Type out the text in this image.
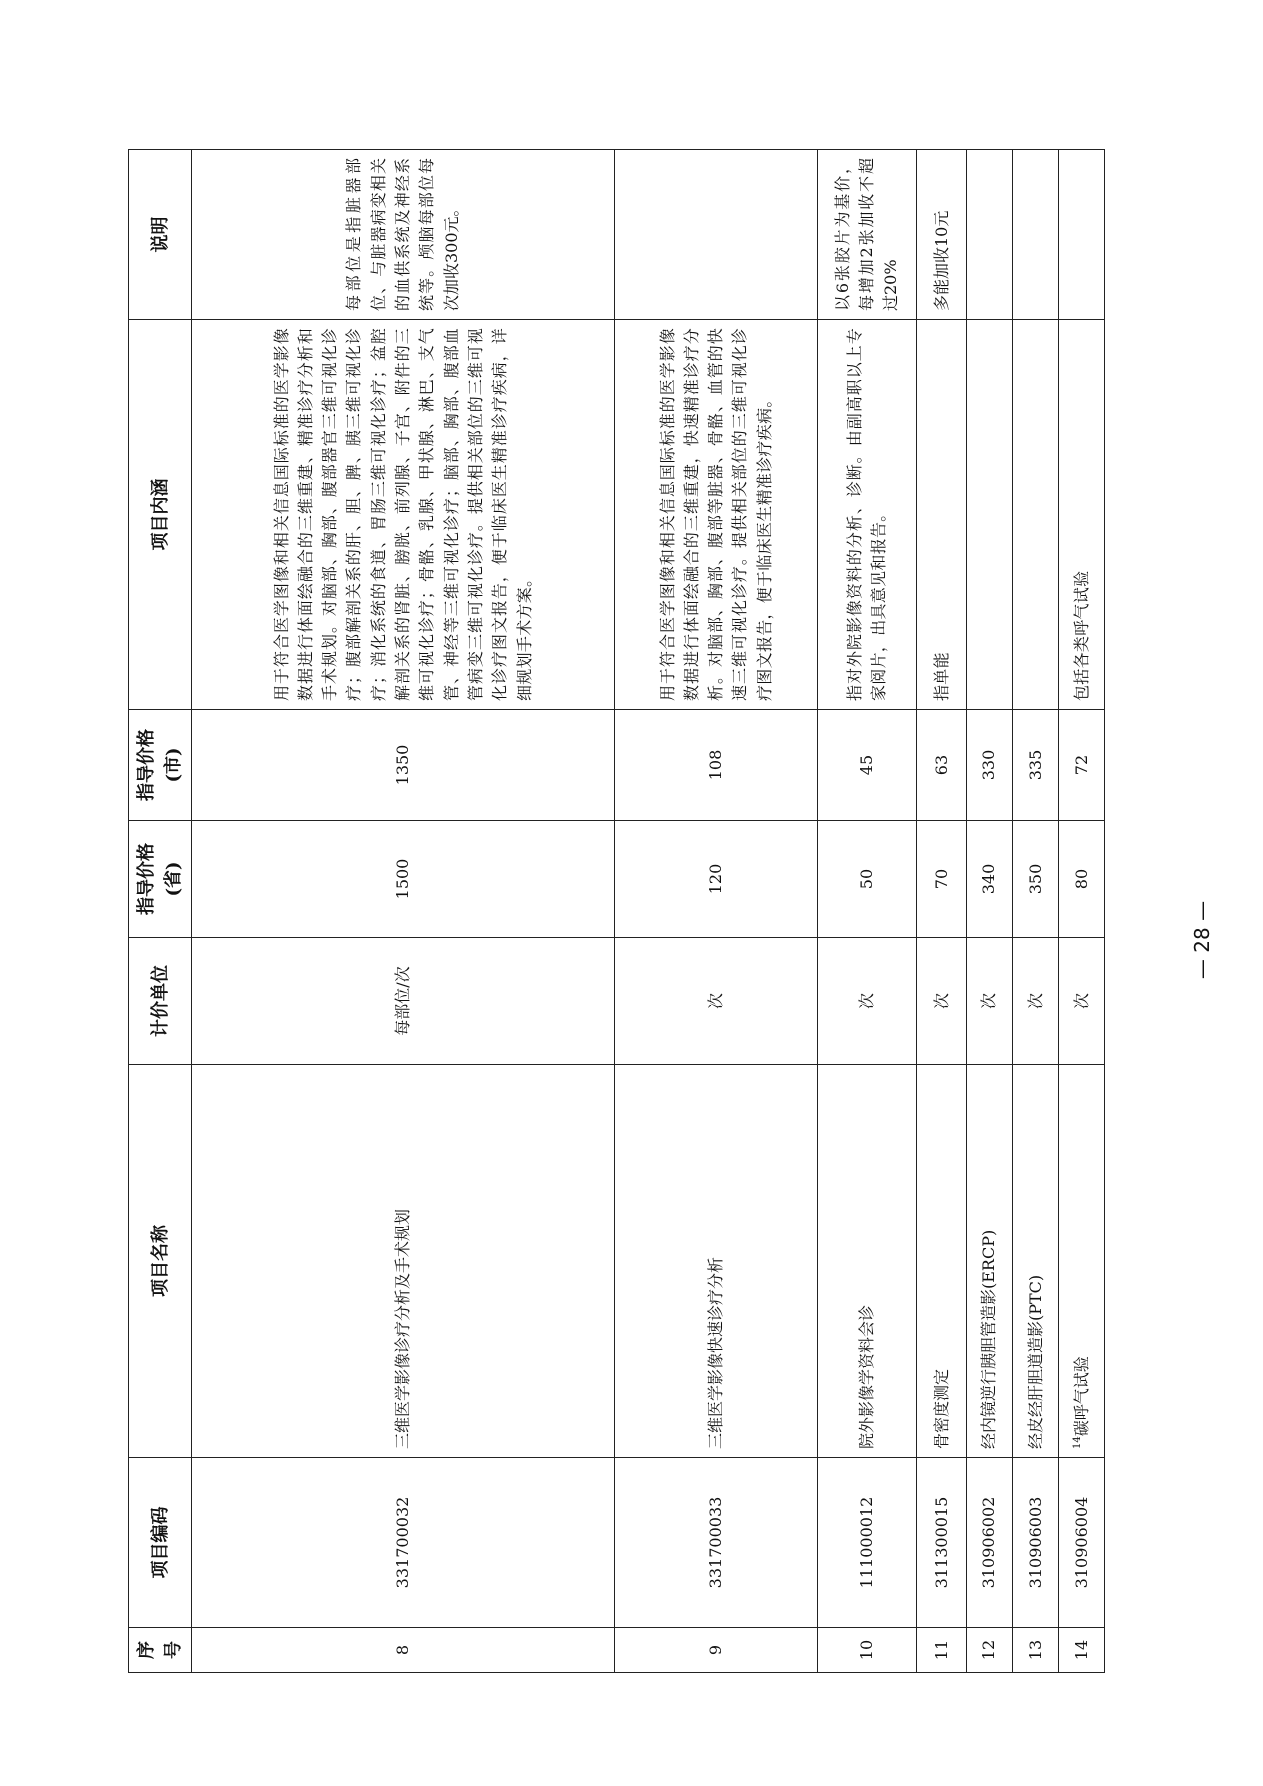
序号	项目编码	项目名称	计价单位	指导价格 (省)	指导价格 (市)	项目内涵	说明
8	331700032	三维医学影像诊疗分析及手术规划	每部位/次	1500	1350	用于符合医学图像和相关信息国际标准的医学影像数据进行体面绘融合的三维重建、精准诊疗分析和手术规划。对脑部、胸部、腹部器官三维可视化诊疗；腹部解剖关系的肝、胆、脾、胰三维可视化诊疗；消化系统的食道、胃肠三维可视化诊疗；盆腔解剖关系的肾脏、膀胱、前列腺、子宫、附件的三维可视化诊疗；骨骼、乳腺、甲状腺、淋巴、支气管、神经等三维可视化诊疗；脑部、胸部、腹部血管病变三维可视化诊疗。提供相关部位的三维可视化诊疗图文报告，便于临床医生精准诊疗疾病，详细规划手术方案。	每部位是指脏器部位、与脏器病变相关的血供系统及神经系统等。颅脑每部位每次加收300元。
9	331700033	三维医学影像快速诊疗分析	次	120	108	用于符合医学图像和相关信息国际标准的医学影像数据进行体面绘融合的三维重建，快速精准诊疗分析。对脑部、胸部、腹部等脏器、骨骼、血管的快速三维可视化诊疗。提供相关部位的三维可视化诊疗图文报告，便于临床医生精准诊疗疾病。	
10	111000012	院外影像学资料会诊	次	50	45	指对外院影像资料的分析、诊断。由副高职以上专家阅片，出具意见和报告。	以6张胶片为基价，每增加2张加收不超过20%
11	311300015	骨密度测定	次	70	63	指单能	多能加收10元
12	310906002	经内镜逆行胰胆管造影(ERCP)	次	340	330		
13	310906003	经皮经肝胆道造影(PTC)	次	350	335		
14	310906004	$^{14}$碳呼气试验	次	80	72	包括各类呼气试验	
— 28 —
